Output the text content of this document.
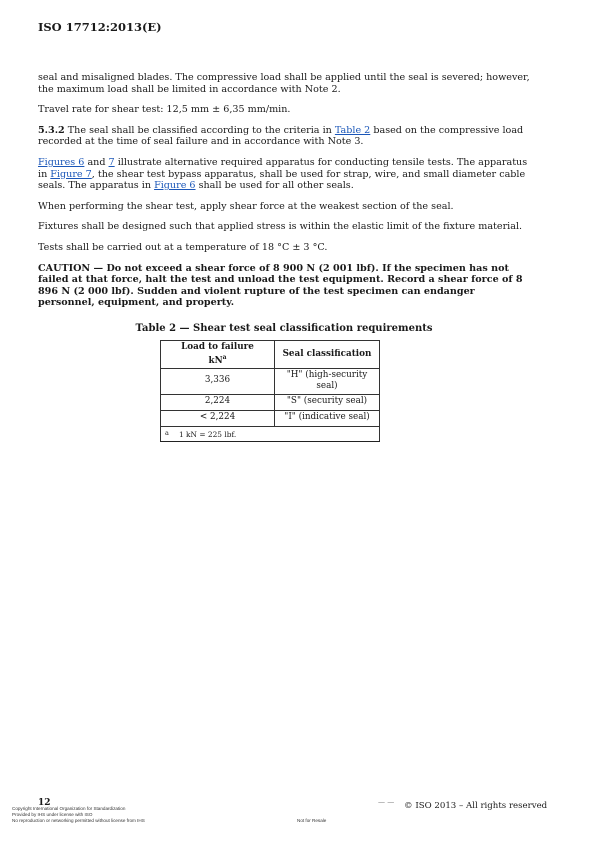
ISO 17712:2013(E)

seal and misaligned blades. The compressive load shall be applied until the seal is severed; however, the maximum load shall be limited in accordance with Note 2.

Travel rate for shear test: 12,5 mm ± 6,35 mm/min.

5.3.2 The seal shall be classified according to the criteria in Table 2 based on the compressive load recorded at the time of seal failure and in accordance with Note 3.

Figures 6 and 7 illustrate alternative required apparatus for conducting tensile tests. The apparatus in Figure 7, the shear test bypass apparatus, shall be used for strap, wire, and small diameter cable seals. The apparatus in Figure 6 shall be used for all other seals.

When performing the shear test, apply shear force at the weakest section of the seal.

Fixtures shall be designed such that applied stress is within the elastic limit of the fixture material.

Tests shall be carried out at a temperature of 18 °C ± 3 °C.

CAUTION — Do not exceed a shear force of 8 900 N (2 001 lbf). If the specimen has not failed at that force, halt the test and unload the test equipment. Record a shear force of 8 896 N (2 000 lbf). Sudden and violent rupture of the test specimen can endanger personnel, equipment, and property.

Table 2 — Shear test seal classification requirements
Load to failure
$kN^a$	Seal classification
3,336	"H" (high-security seal)
2,224	"S" (security seal)
< 2,224	"I" (indicative seal)
a 1 kN = 225 lbf.	
12	— — © ISO 2013 – All rights reserved
Copyright International Organization for Standardization
Provided by IHS under license with ISO
No reproduction or networking permitted without license from IHS	Not for Resale
